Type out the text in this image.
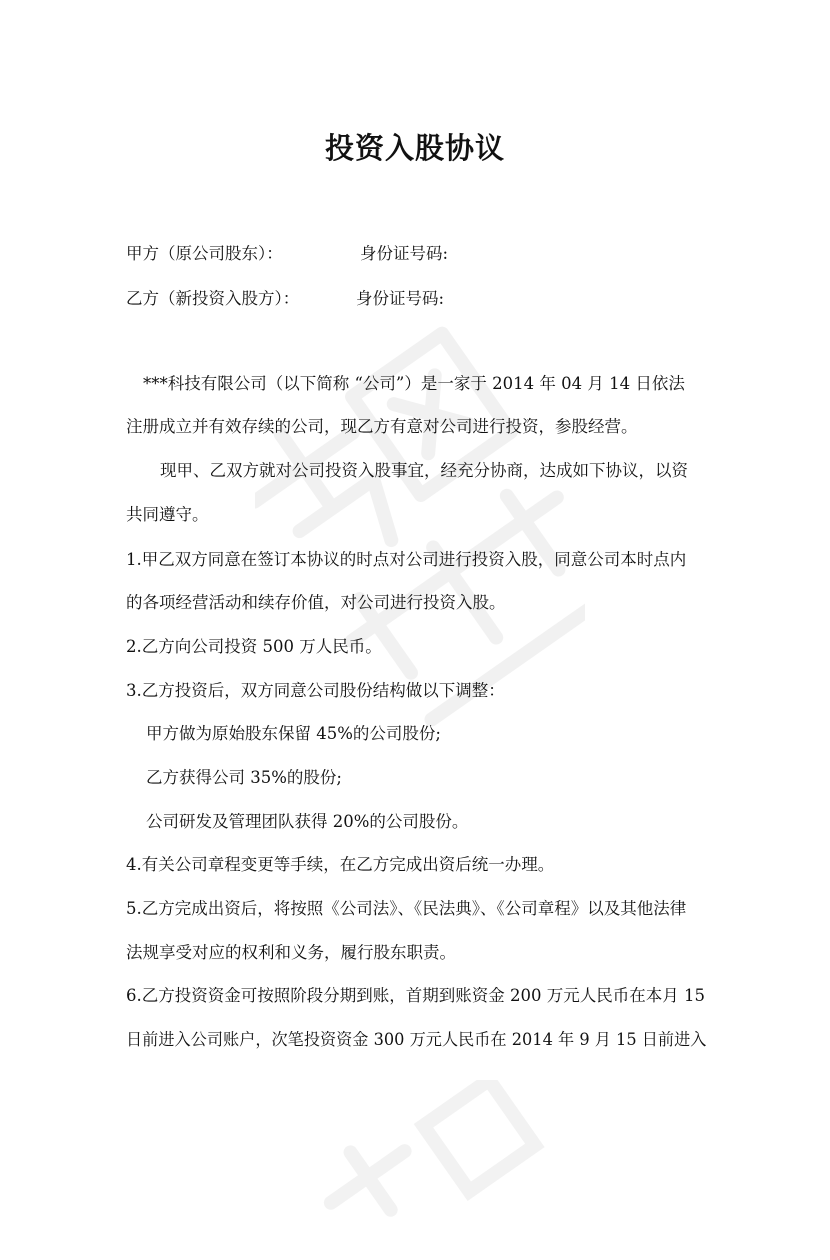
投资入股协议
甲方（原公司股东）：	身份证号码:
乙方（新投资入股方）：	身份证号码:
***科技有限公司（以下简称 “公司”）是一家于 2014 年 04 月 14 日依法
注册成立并有效存续的公司，现乙方有意对公司进行投资，参股经营。
现甲、乙双方就对公司投资入股事宜，经充分协商，达成如下协议，以资
共同遵守。
1.甲乙双方同意在签订本协议的时点对公司进行投资入股，同意公司本时点内
的各项经营活动和续存价值，对公司进行投资入股。
2.乙方向公司投资 500 万人民币。
3.乙方投资后，双方同意公司股份结构做以下调整：
甲方做为原始股东保留 45%的公司股份;
乙方获得公司 35%的股份;
公司研发及管理团队获得 20%的公司股份。
4.有关公司章程变更等手续，在乙方完成出资后统一办理。
5.乙方完成出资后，将按照《公司法》、《民法典》、《公司章程》以及其他法律
法规享受对应的权利和义务，履行股东职责。
6.乙方投资资金可按照阶段分期到账，首期到账资金 200 万元人民币在本月 15
日前进入公司账户，次笔投资资金 300 万元人民币在 2014 年 9 月 15 日前进入
